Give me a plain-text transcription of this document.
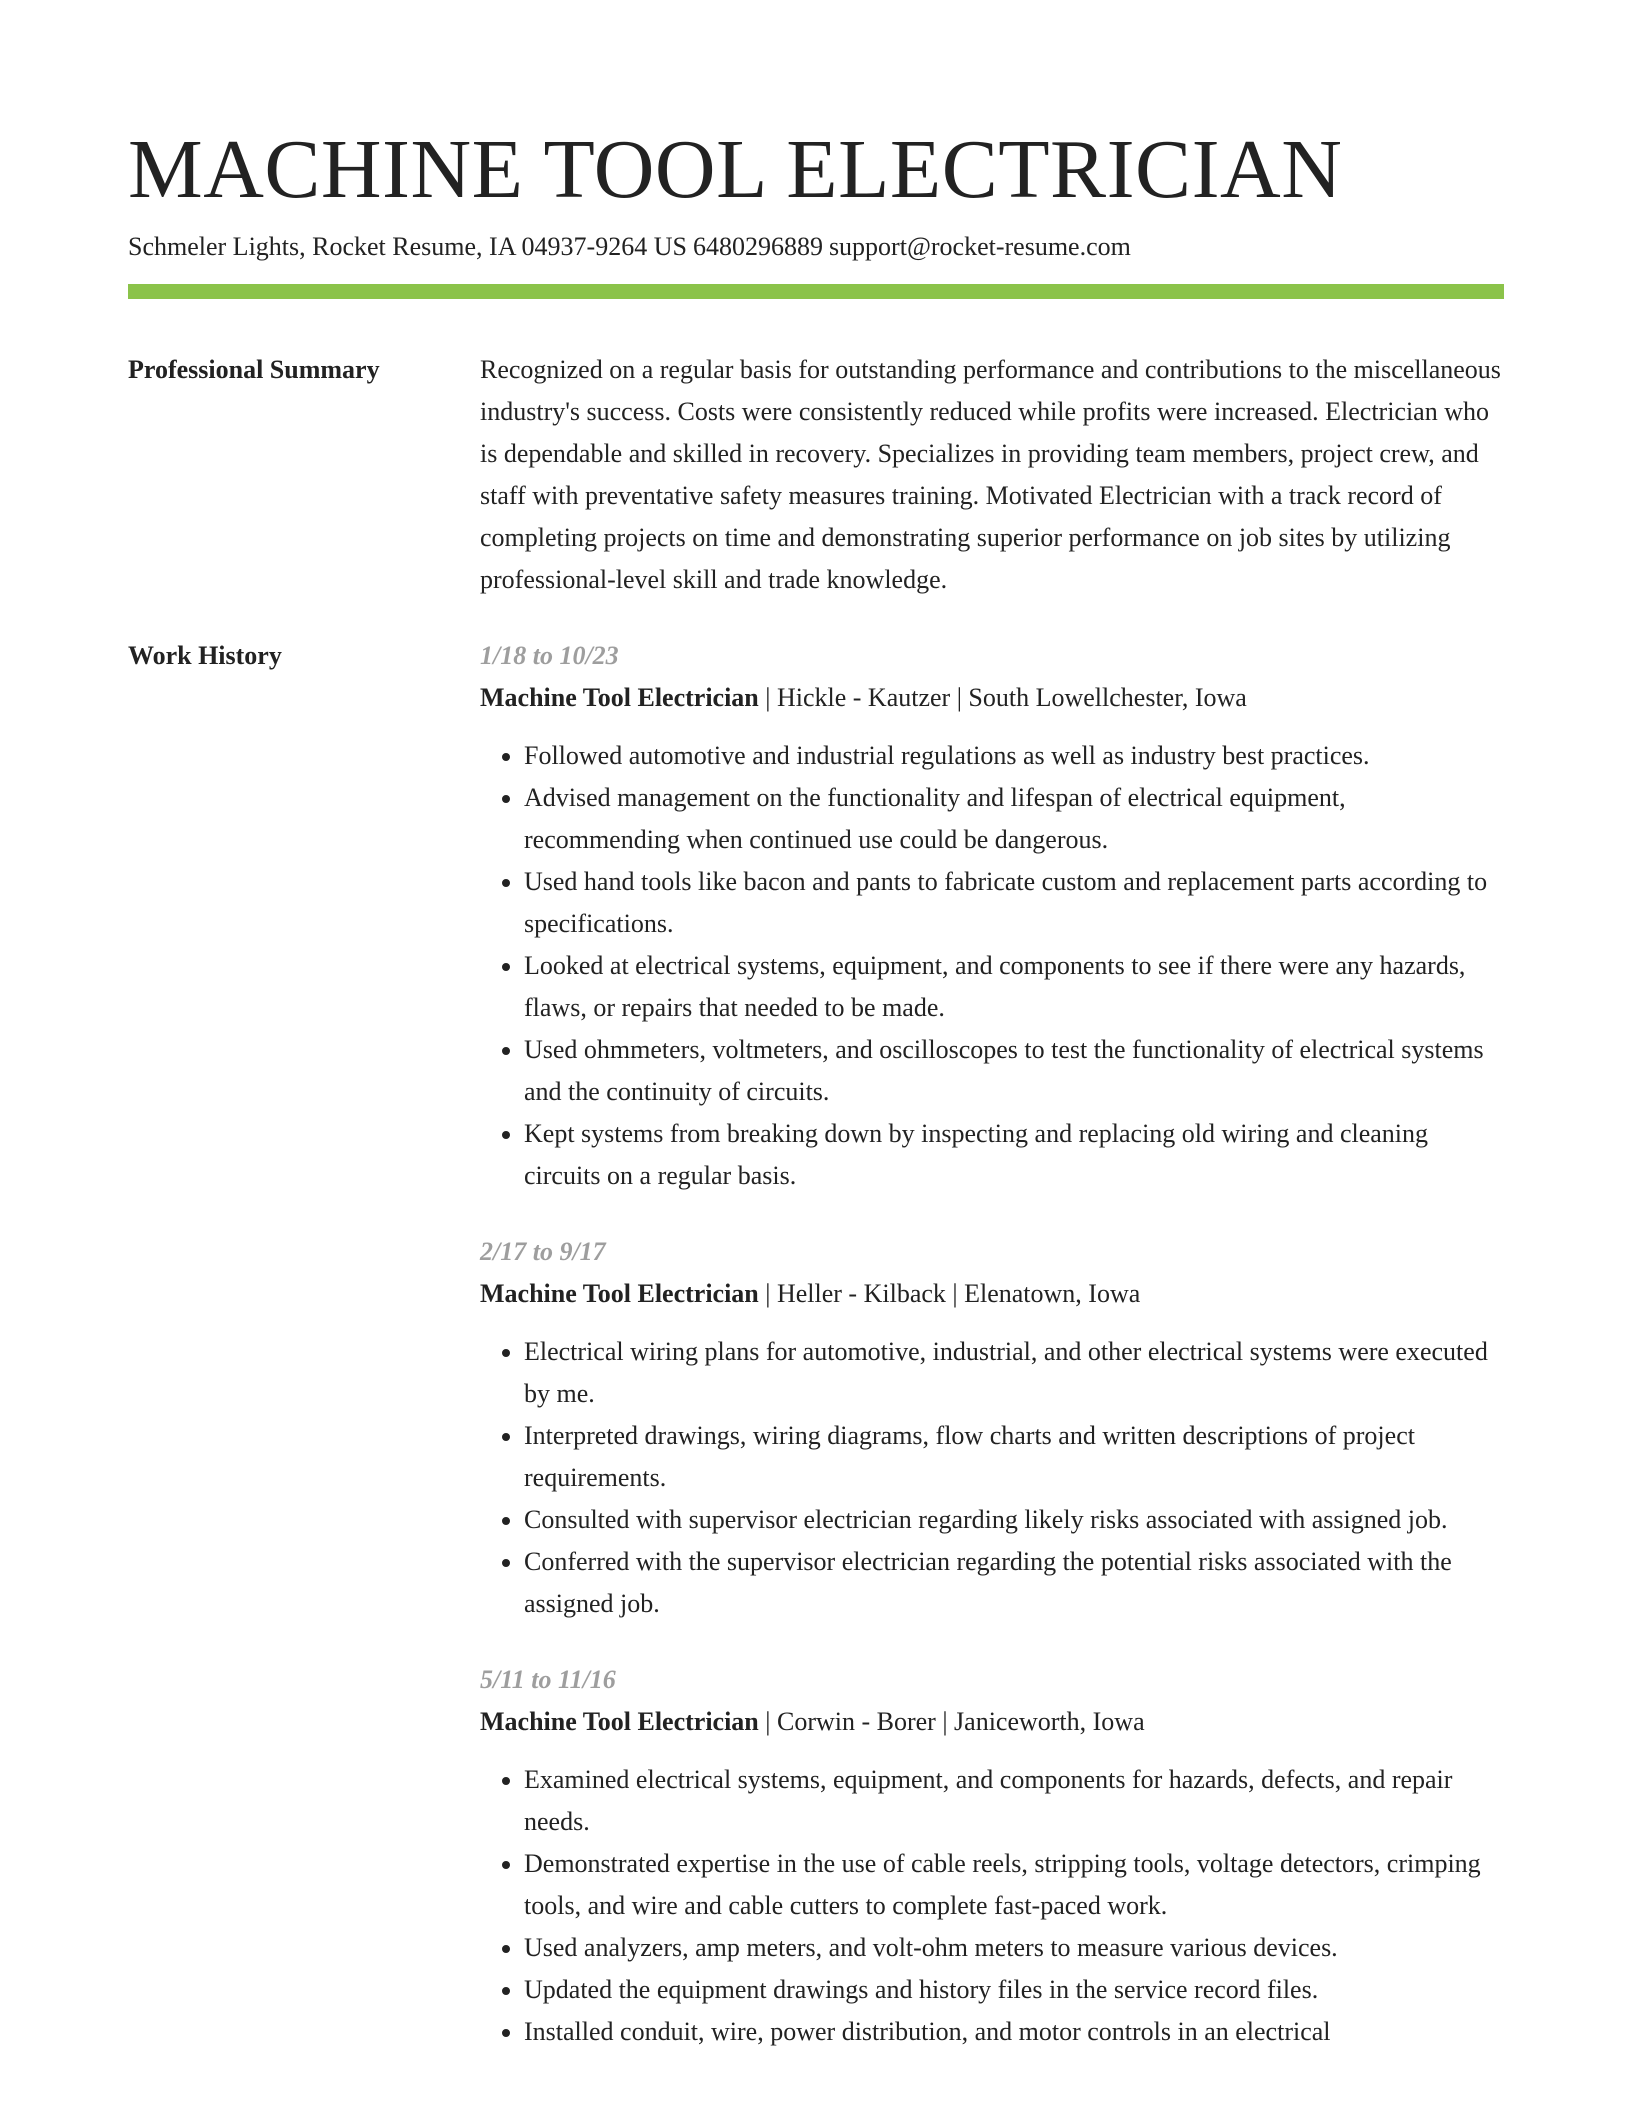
MACHINE TOOL ELECTRICIAN
Schmeler Lights, Rocket Resume, IA 04937-9264 US 6480296889 support@rocket-resume.com
Professional Summary	Recognized on a regular basis for outstanding performance and contributions to the miscellaneous industry's success. Costs were consistently reduced while profits were increased. Electrician who is dependable and skilled in recovery. Specializes in providing team members, project crew, and staff with preventative safety measures training. Motivated Electrician with a track record of completing projects on time and demonstrating superior performance on job sites by utilizing professional-level skill and trade knowledge.

Work History	1/18 to 10/23
Machine Tool Electrician | Hickle - Kautzer | South Lowellchester, Iowa
• Followed automotive and industrial regulations as well as industry best practices.
• Advised management on the functionality and lifespan of electrical equipment, recommending when continued use could be dangerous.
• Used hand tools like bacon and pants to fabricate custom and replacement parts according to specifications.
• Looked at electrical systems, equipment, and components to see if there were any hazards, flaws, or repairs that needed to be made.
• Used ohmmeters, voltmeters, and oscilloscopes to test the functionality of electrical systems and the continuity of circuits.
• Kept systems from breaking down by inspecting and replacing old wiring and cleaning circuits on a regular basis.
2/17 to 9/17
Machine Tool Electrician | Heller - Kilback | Elenatown, Iowa
• Electrical wiring plans for automotive, industrial, and other electrical systems were executed by me.
• Interpreted drawings, wiring diagrams, flow charts and written descriptions of project requirements.
• Consulted with supervisor electrician regarding likely risks associated with assigned job.
• Conferred with the supervisor electrician regarding the potential risks associated with the assigned job.
5/11 to 11/16
Machine Tool Electrician | Corwin - Borer | Janiceworth, Iowa
• Examined electrical systems, equipment, and components for hazards, defects, and repair needs.
• Demonstrated expertise in the use of cable reels, stripping tools, voltage detectors, crimping tools, and wire and cable cutters to complete fast-paced work.
• Used analyzers, amp meters, and volt-ohm meters to measure various devices.
• Updated the equipment drawings and history files in the service record files.
• Installed conduit, wire, power distribution, and motor controls in an electrical
